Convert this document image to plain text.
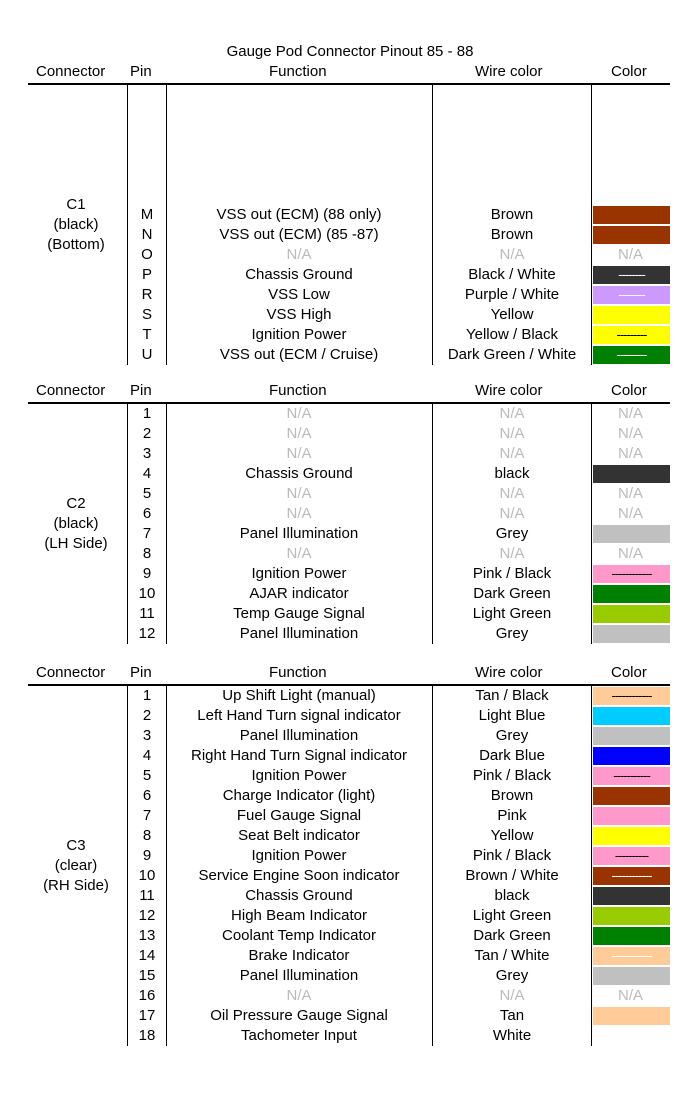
Gauge Pod Connector Pinout 85 - 88
Connector Pin	Function	Wire color	Color
M	VSS out (ECM) (88 only)	Brown
N	VSS out (ECM) (85 -87)	Brown
O	N/A	N/A	N/A
P	Chassis Ground	Black / White	--------
R	VSS Low	Purple / White	--------
S	VSS High	Yellow
T	Ignition Power	Yellow / Black	---------
U	VSS out (ECM / Cruise)	Dark Green / White	---------
C1
(black)
(Bottom)
Connector Pin	Function	Wire color	Color
1	N/A	N/A	N/A
2	N/A	N/A	N/A
3	N/A	N/A	N/A
4	Chassis Ground	black
5	N/A	N/A	N/A
6	N/A	N/A	N/A
7	Panel Illumination	Grey
8	N/A	N/A	N/A
9	Ignition Power	Pink / Black	------------
10	AJAR indicator	Dark Green
11	Temp Gauge Signal	Light Green
12	Panel Illumination	Grey
C2
(black)
(LH Side)
Connector Pin	Function	Wire color	Color
1	Up Shift Light (manual)	Tan / Black	------------
2	Left Hand Turn signal indicator	Light Blue
3	Panel Illumination	Grey
4	Right Hand Turn Signal indicator	Dark Blue
5	Ignition Power	Pink / Black	-----------
6	Charge Indicator (light)	Brown
7	Fuel Gauge Signal	Pink
8	Seat Belt indicator	Yellow
9	Ignition Power	Pink / Black	----------
10	Service Engine Soon indicator	Brown / White	------------
11	Chassis Ground	black
12	High Beam Indicator	Light Green
13	Coolant Temp Indicator	Dark Green
14	Brake Indicator	Tan / White	------------
15	Panel Illumination	Grey
16	N/A	N/A	N/A
17	Oil Pressure Gauge Signal	Tan
18	Tachometer Input	White
C3
(clear)
(RH Side)
